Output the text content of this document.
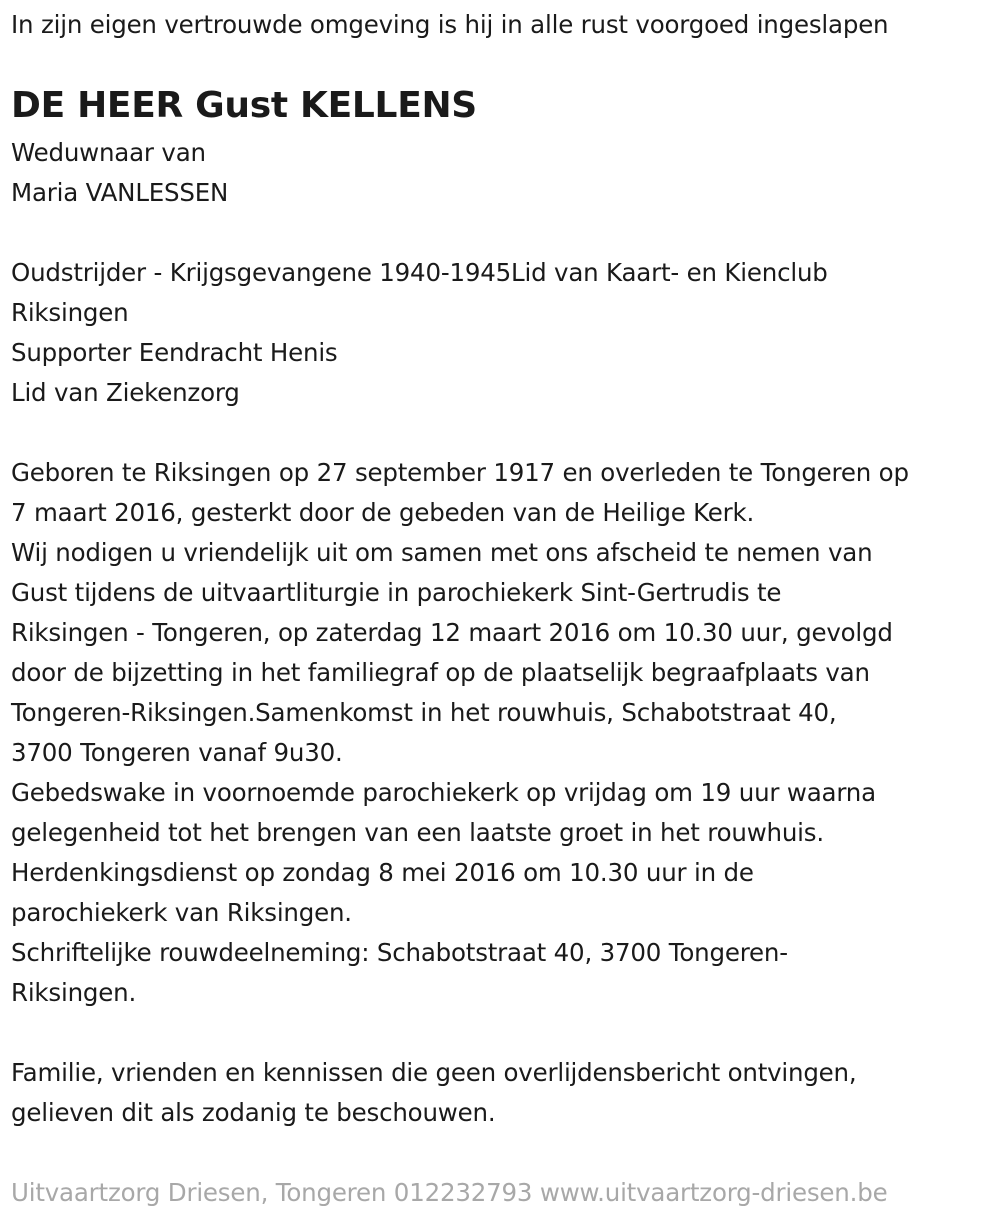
In zijn eigen vertrouwde omgeving is hij in alle rust voorgoed ingeslapen
DE HEER Gust KELLENS
Weduwnaar van
Maria VANLESSEN
Oudstrijder - Krijgsgevangene 1940-1945Lid van Kaart- en Kienclub
Riksingen
Supporter Eendracht Henis
Lid van Ziekenzorg
Geboren te Riksingen op 27 september 1917 en overleden te Tongeren op
7 maart 2016, gesterkt door de gebeden van de Heilige Kerk.
Wij nodigen u vriendelijk uit om samen met ons afscheid te nemen van
Gust tijdens de uitvaartliturgie in parochiekerk Sint-Gertrudis te
Riksingen - Tongeren, op zaterdag 12 maart 2016 om 10.30 uur, gevolgd
door de bijzetting in het familiegraf op de plaatselijk begraafplaats van
Tongeren-Riksingen.Samenkomst in het rouwhuis, Schabotstraat 40,
3700 Tongeren vanaf 9u30.
Gebedswake in voornoemde parochiekerk op vrijdag om 19 uur waarna
gelegenheid tot het brengen van een laatste groet in het rouwhuis.
Herdenkingsdienst op zondag 8 mei 2016 om 10.30 uur in de
parochiekerk van Riksingen.
Schriftelijke rouwdeelneming: Schabotstraat 40, 3700 Tongeren-
Riksingen.
Familie, vrienden en kennissen die geen overlijdensbericht ontvingen,
gelieven dit als zodanig te beschouwen.
Uitvaartzorg Driesen, Tongeren 012232793 www.uitvaartzorg-driesen.be
